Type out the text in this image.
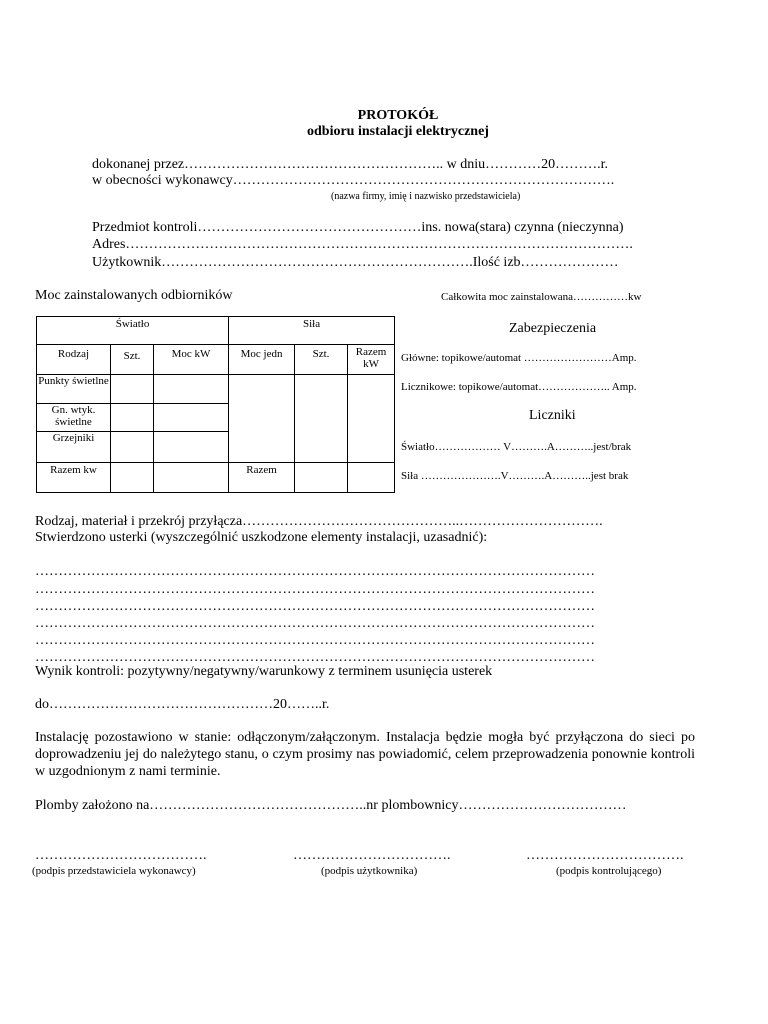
PROTOKÓŁ
odbioru instalacji elektrycznej
dokonanej przez……………………………………………….. w dniu…………20……….r.
w obecności wykonawcy……………………………………………………………………….
(nazwa firmy, imię i nazwisko przedstawiciela)
Przedmiot kontroli…………………………………………ins. nowa(stara) czynna (nieczynna)
Adres……………………………………………………………………………………………….
Użytkownik………………………………………………………….Ilość izb…………………
Moc zainstalowanych odbiorników	Całkowita moc zainstalowana……………kw
Światło			Siła		
Rodzaj	Szt.	Moc kW	Moc jedn	Szt.	Razem kW
Punkty świetlne					
Gn. wtyk. świetlne					
Grzejniki					
Razem kw			Razem		
Zabezpieczenia
Główne: topikowe/automat ……………………Amp.
Licznikowe: topikowe/automat……………….. Amp.
Liczniki
Światło……………… V……….A………..jest/brak
Siła ………………….V……….A………..jest brak
Rodzaj, materiał i przekrój przyłącza………………………………………..………………………….
Stwierdzono usterki (wyszczególnić uszkodzone elementy instalacji, uzasadnić):
…………………………………………………………………………………………………………
…………………………………………………………………………………………………………
…………………………………………………………………………………………………………
…………………………………………………………………………………………………………
…………………………………………………………………………………………………………
…………………………………………………………………………………………………………
Wynik kontroli: pozytywny/negatywny/warunkowy z terminem usunięcia usterek
do…………………………………………20……..r.
Instalację pozostawiono w stanie: odłączonym/załączonym. Instalacja będzie mogła być przyłączona do sieci po doprowadzeniu jej do należytego stanu, o czym prosimy nas powiadomić, celem przeprowadzenia ponownie kontroli w uzgodnionym z nami terminie.
Plomby założono na………………………………………..nr plombownicy………………………………
……………………………….
(podpis przedstawiciela wykonawcy)
…………………………….
(podpis użytkownika)
…………………………….
(podpis kontrolującego)
